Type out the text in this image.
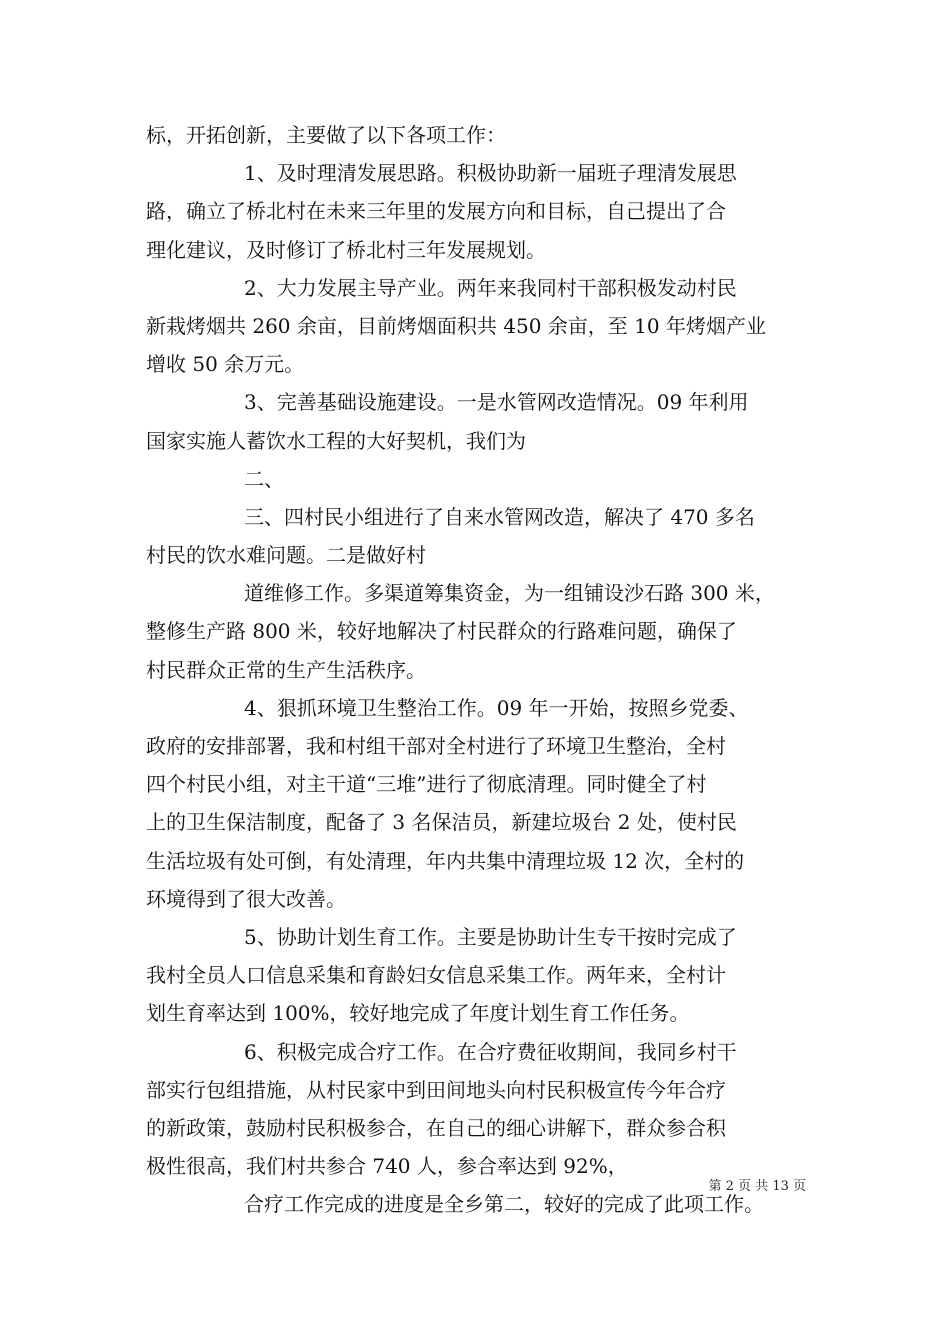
标，开拓创新，主要做了以下各项工作：
1、及时理清发展思路。积极协助新一届班子理清发展思
路，确立了桥北村在未来三年里的发展方向和目标，自己提出了合
理化建议，及时修订了桥北村三年发展规划。
2、大力发展主导产业。两年来我同村干部积极发动村民
新栽烤烟共 260 余亩，目前烤烟面积共 450 余亩，至 10 年烤烟产业
增收 50 余万元。
3、完善基础设施建设。一是水管网改造情况。09 年利用
国家实施人蓄饮水工程的大好契机，我们为
二、
三、四村民小组进行了自来水管网改造，解决了 470 多名
村民的饮水难问题。二是做好村
道维修工作。多渠道筹集资金，为一组铺设沙石路 300 米，
整修生产路 800 米，较好地解决了村民群众的行路难问题，确保了
村民群众正常的生产生活秩序。
4、狠抓环境卫生整治工作。09 年一开始，按照乡党委、
政府的安排部署，我和村组干部对全村进行了环境卫生整治，全村
四个村民小组，对主干道“三堆”进行了彻底清理。同时健全了村
上的卫生保洁制度，配备了 3 名保洁员，新建垃圾台 2 处，使村民
生活垃圾有处可倒，有处清理，年内共集中清理垃圾 12 次，全村的
环境得到了很大改善。
5、协助计划生育工作。主要是协助计生专干按时完成了
我村全员人口信息采集和育龄妇女信息采集工作。两年来，全村计
划生育率达到 100%，较好地完成了年度计划生育工作任务。
6、积极完成合疗工作。在合疗费征收期间，我同乡村干
部实行包组措施，从村民家中到田间地头向村民积极宣传今年合疗
的新政策，鼓励村民积极参合，在自己的细心讲解下，群众参合积
极性很高，我们村共参合 740 人，参合率达到 92%，
合疗工作完成的进度是全乡第二，较好的完成了此项工作。
第 2 页 共 13 页
